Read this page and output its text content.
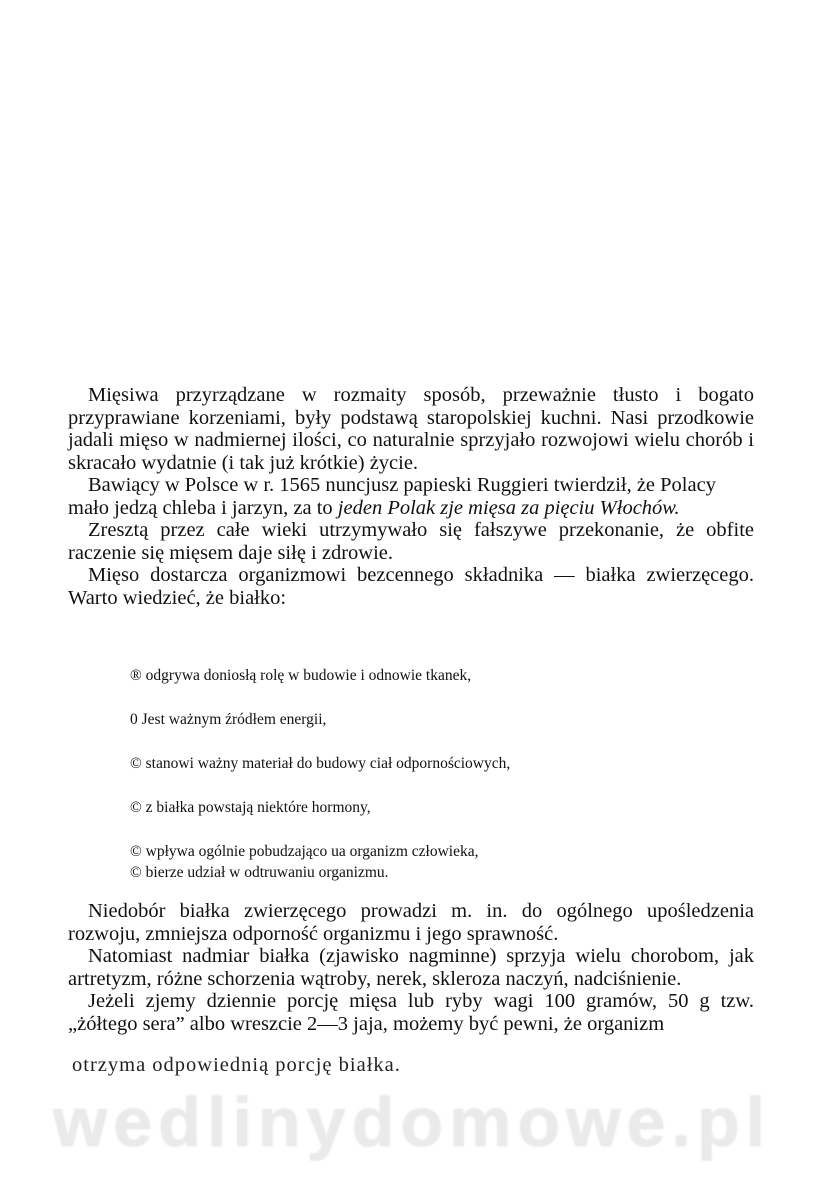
Mięsiwa przyrządzane w rozmaity sposób, przeważnie tłusto i bogato przyprawiane korzeniami, były podstawą staropolskiej kuchni. Nasi przodkowie jadali mięso w nadmiernej ilości, co naturalnie sprzyjało rozwojowi wielu chorób i skracało wydatnie (i tak już krótkie) życie.

Bawiący w Polsce w r. 1565 nuncjusz papieski Ruggieri twierdził, że Polacy mało jedzą chleba i jarzyn, za to jeden Polak zje mięsa za pięciu Włochów.

Zresztą przez całe wieki utrzymywało się fałszywe przekonanie, że obfite raczenie się mięsem daje siłę i zdrowie.

Mięso dostarcza organizmowi bezcennego składnika — białka zwierzęcego. Warto wiedzieć, że białko:

® odgrywa doniosłą rolę w budowie i odnowie tkanek,
0 Jest ważnym źródłem energii,
© stanowi ważny materiał do budowy ciał odpornościowych,
© z białka powstają niektóre hormony,
© wpływa ogólnie pobudzająco ua organizm człowieka,
© bierze udział w odtruwaniu organizmu.

Niedobór białka zwierzęcego prowadzi m. in. do ogólnego upośledzenia rozwoju, zmniejsza odporność organizmu i jego sprawność.

Natomiast nadmiar białka (zjawisko nagminne) sprzyja wielu chorobom, jak artretyzm, różne schorzenia wątroby, nerek, skleroza naczyń, nadciśnienie.

Jeżeli zjemy dziennie porcję mięsa lub ryby wagi 100 gramów, 50 g tzw. „żółtego sera” albo wreszcie 2—3 jaja, możemy być pewni, że organizm

otrzyma odpowiednią porcję białka.
wedlinydomowe.pl
